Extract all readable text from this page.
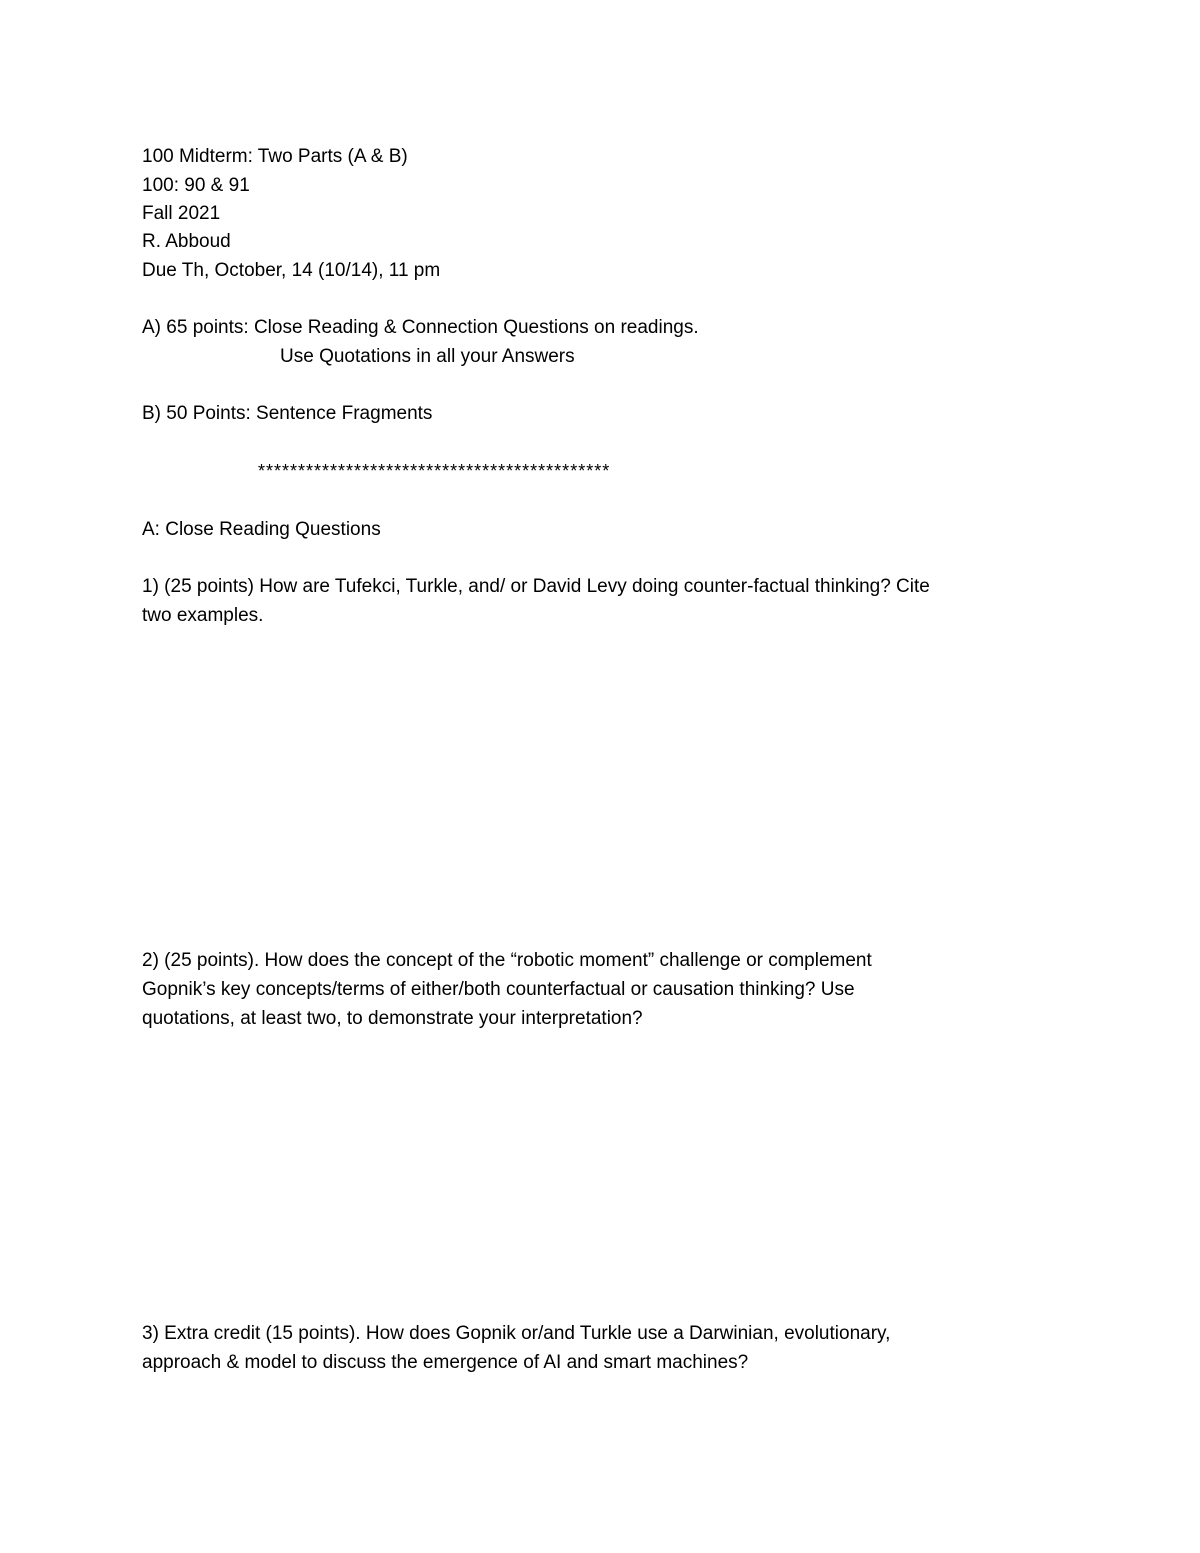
100 Midterm: Two Parts (A & B)
100: 90 & 91
Fall 2021
R. Abboud
Due Th, October, 14 (10/14), 11 pm
A) 65 points: Close Reading & Connection Questions on readings.
Use Quotations in all your Answers
B) 50 Points: Sentence Fragments
********************************************
A: Close Reading Questions
1) (25 points) How are Tufekci, Turkle, and/ or David Levy doing counter-factual thinking? Cite
two examples.
2) (25 points). How does the concept of the “robotic moment” challenge or complement
Gopnik’s key concepts/terms of either/both counterfactual or causation thinking? Use
quotations, at least two, to demonstrate your interpretation?
3) Extra credit (15 points). How does Gopnik or/and Turkle use a Darwinian, evolutionary,
approach & model to discuss the emergence of AI and smart machines?
